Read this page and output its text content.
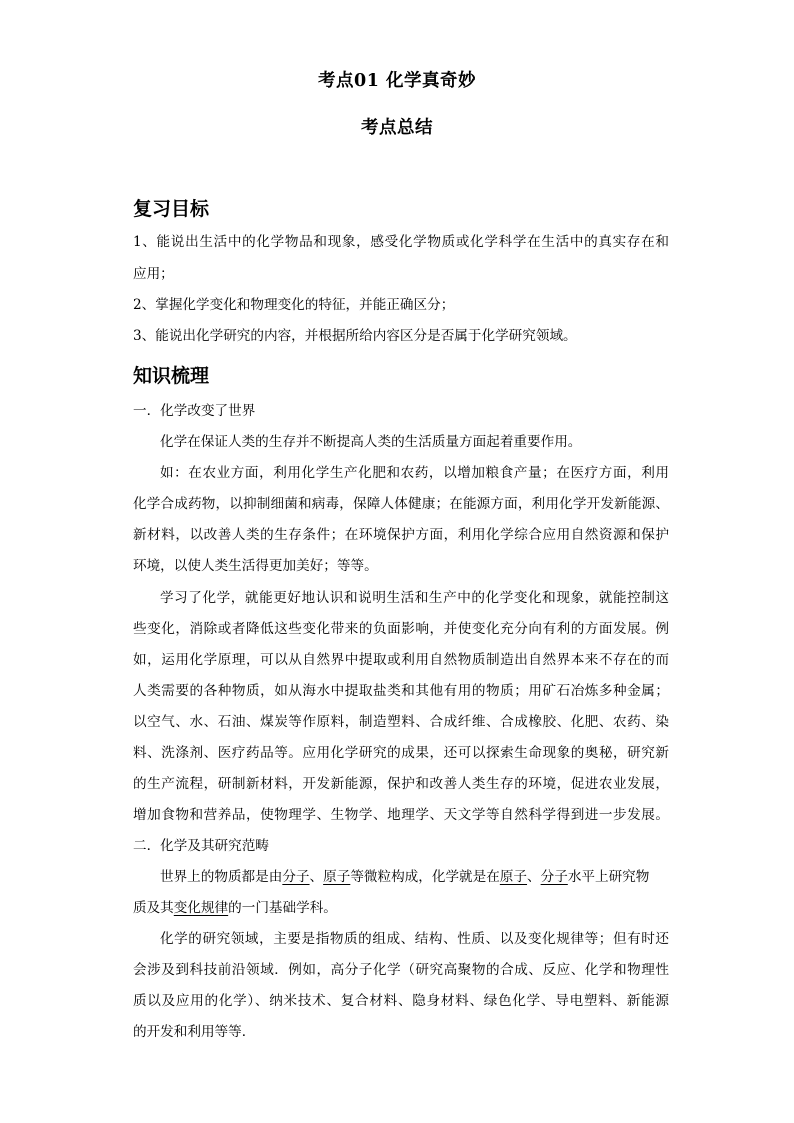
考点01 化学真奇妙
考点总结
复习目标
1、能说出生活中的化学物品和现象，感受化学物质或化学科学在生活中的真实存在和
应用；
2、掌握化学变化和物理变化的特征，并能正确区分；
3、能说出化学研究的内容，并根据所给内容区分是否属于化学研究领域。
知识梳理
一．化学改变了世界
化学在保证人类的生存并不断提高人类的生活质量方面起着重要作用。
如：在农业方面，利用化学生产化肥和农药，以增加粮食产量；在医疗方面，利用
化学合成药物，以抑制细菌和病毒，保障人体健康；在能源方面，利用化学开发新能源、
新材料，以改善人类的生存条件；在环境保护方面，利用化学综合应用自然资源和保护
环境，以使人类生活得更加美好；等等。
学习了化学，就能更好地认识和说明生活和生产中的化学变化和现象，就能控制这
些变化，消除或者降低这些变化带来的负面影响，并使变化充分向有利的方面发展。例
如，运用化学原理，可以从自然界中提取或利用自然物质制造出自然界本来不存在的而
人类需要的各种物质，如从海水中提取盐类和其他有用的物质；用矿石冶炼多种金属；
以空气、水、石油、煤炭等作原料，制造塑料、合成纤维、合成橡胶、化肥、农药、染
料、洗涤剂、医疗药品等。应用化学研究的成果，还可以探索生命现象的奥秘，研究新
的生产流程，研制新材料，开发新能源，保护和改善人类生存的环境，促进农业发展，
增加食物和营养品，使物理学、生物学、地理学、天文学等自然科学得到进一步发展。
二．化学及其研究范畴
世界上的物质都是由分子、原子等微粒构成，化学就是在原子、分子水平上研究物
质及其变化规律的一门基础学科。
化学的研究领域，主要是指物质的组成、结构、性质、以及变化规律等；但有时还
会涉及到科技前沿领域．例如，高分子化学（研究高聚物的合成、反应、化学和物理性
质以及应用的化学）、纳米技术、复合材料、隐身材料、绿色化学、导电塑料、新能源
的开发和利用等等．
